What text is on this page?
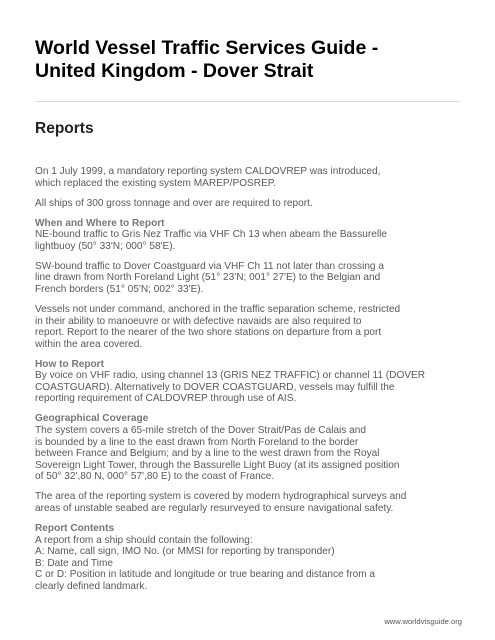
World Vessel Traffic Services Guide -
United Kingdom - Dover Strait
Reports

On 1 July 1999, a mandatory reporting system CALDOVREP was introduced,
which replaced the existing system MAREP/POSREP.

All ships of 300 gross tonnage and over are required to report.

When and Where to Report

NE-bound traffic to Gris Nez Traffic via VHF Ch 13 when abeam the Bassurelle
lightbuoy (50° 33'N; 000° 58'E).

SW-bound traffic to Dover Coastguard via VHF Ch 11 not later than crossing a
line drawn from North Foreland Light (51° 23'N; 001° 27'E) to the Belgian and
French borders (51° 05'N; 002° 33'E).

Vessels not under command, anchored in the traffic separation scheme, restricted
in their ability to manoeuvre or with defective navaids are also required to
report. Report to the nearer of the two shore stations on departure from a port
within the area covered.

How to Report

By voice on VHF radio, using channel 13 (GRIS NEZ TRAFFIC) or channel 11 (DOVER
COASTGUARD). Alternatively to DOVER COASTGUARD, vessels may fulfill the
reporting requirement of CALDOVREP through use of AIS.

Geographical Coverage

The system covers a 65-mile stretch of the Dover Strait/Pas de Calais and
is bounded by a line to the east drawn from North Foreland to the border
between France and Belgium; and by a line to the west drawn from the Royal
Sovereign Light Tower, through the Bassurelle Light Buoy (at its assigned position
of 50° 32',80 N, 000° 57',80 E) to the coast of France.

The area of the reporting system is covered by modern hydrographical surveys and
areas of unstable seabed are regularly resurveyed to ensure navigational safety.

Report Contents

A report from a ship should contain the following:
A: Name, call sign, IMO No. (or MMSI for reporting by transponder)
B: Date and Time
C or D: Position in latitude and longitude or true bearing and distance from a
clearly defined landmark.

www.worldvtsguide.org
